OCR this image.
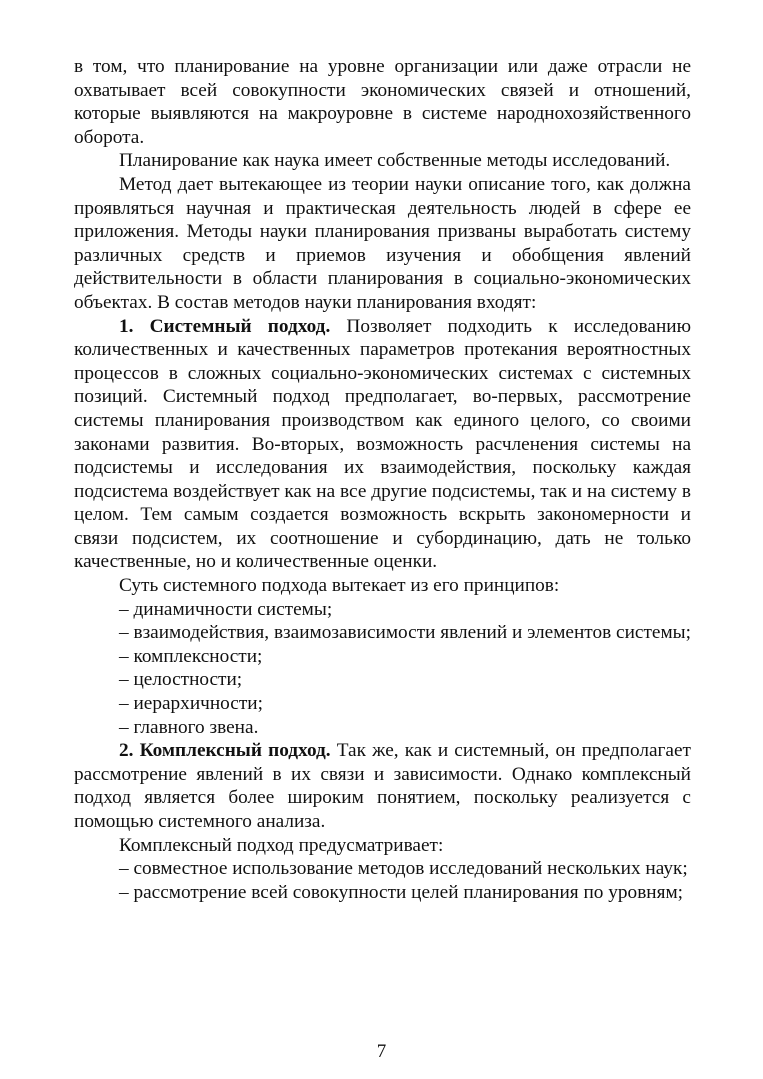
в том, что планирование на уровне организации или даже отрасли не охватывает всей совокупности экономических связей и отношений, которые выявляются на макроуровне в системе народнохозяйственного оборота.

Планирование как наука имеет собственные методы исследований.

Метод дает вытекающее из теории науки описание того, как должна проявляться научная и практическая деятельность людей в сфере ее приложения. Методы науки планирования призваны выработать систему различных средств и приемов изучения и обобщения явлений действительности в области планирования в социально-экономических объектах. В состав методов науки планирования входят:

1. Системный подход. Позволяет подходить к исследованию количественных и качественных параметров протекания вероятностных процессов в сложных социально-экономических системах с системных позиций. Системный подход предполагает, во-первых, рассмотрение системы планирования производством как единого целого, со своими законами развития. Во-вторых, возможность расчленения системы на подсистемы и исследования их взаимодействия, поскольку каждая подсистема воздействует как на все другие подсистемы, так и на систему в целом. Тем самым создается возможность вскрыть закономерности и связи подсистем, их соотношение и субординацию, дать не только качественные, но и количественные оценки.

Суть системного подхода вытекает из его принципов:

– динамичности системы;

– взаимодействия, взаимозависимости явлений и элементов системы;

– комплексности;

– целостности;

– иерархичности;

– главного звена.

2. Комплексный подход. Так же, как и системный, он предполагает рассмотрение явлений в их связи и зависимости. Однако комплексный подход является более широким понятием, поскольку реализуется с помощью системного анализа.

Комплексный подход предусматривает:

– совместное использование методов исследований нескольких наук;

– рассмотрение всей совокупности целей планирования по уровням;

7
